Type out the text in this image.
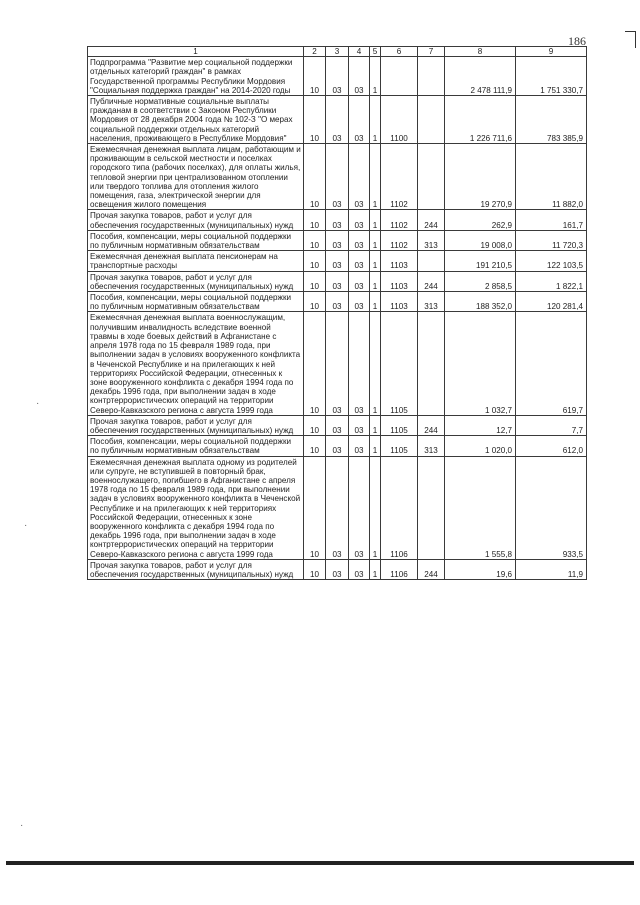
186
·
·
·
1	2	3	4	5	6	7	8	9
Подпрограмма "Развитие мер социальной поддержки отдельных категорий граждан" в рамках Государственной программы Республики Мордовия "Социальная поддержка граждан" на 2014-2020 годы	10	03	03	1			2 478 111,9	1 751 330,7
Публичные нормативные социальные выплаты гражданам в соответствии с Законом Республики Мордовия от 28 декабря 2004 года № 102-З "О мерах социальной поддержки отдельных категорий населения, проживающего в Республике Мордовия"	10	03	03	1	1100		1 226 711,6	783 385,9
Ежемесячная денежная выплата лицам, работающим и проживающим в сельской местности и поселках городского типа (рабочих поселках), для оплаты жилья, тепловой энергии при централизованном отоплении или твердого топлива для отопления жилого помещения, газа, электрической энергии для освещения жилого помещения	10	03	03	1	1102		19 270,9	11 882,0
Прочая закупка товаров, работ и услуг для обеспечения государственных (муниципальных) нужд	10	03	03	1	1102	244	262,9	161,7
Пособия, компенсации, меры социальной поддержки по публичным нормативным обязательствам	10	03	03	1	1102	313	19 008,0	11 720,3
Ежемесячная денежная выплата пенсионерам на транспортные расходы	10	03	03	1	1103		191 210,5	122 103,5
Прочая закупка товаров, работ и услуг для обеспечения государственных (муниципальных) нужд	10	03	03	1	1103	244	2 858,5	1 822,1
Пособия, компенсации, меры социальной поддержки по публичным нормативным обязательствам	10	03	03	1	1103	313	188 352,0	120 281,4
Ежемесячная денежная выплата военнослужащим, получившим инвалидность вследствие военной травмы в ходе боевых действий в Афганистане с апреля 1978 года по 15 февраля 1989 года, при выполнении задач в условиях вооруженного конфликта в Чеченской Республике и на прилегающих к ней территориях Российской Федерации, отнесенных к зоне вооруженного конфликта с декабря 1994 года по декабрь 1996 года, при выполнении задач в ходе контртеррористических операций на территории Северо-Кавказского региона с августа 1999 года	10	03	03	1	1105		1 032,7	619,7
Прочая закупка товаров, работ и услуг для обеспечения государственных (муниципальных) нужд	10	03	03	1	1105	244	12,7	7,7
Пособия, компенсации, меры социальной поддержки по публичным нормативным обязательствам	10	03	03	1	1105	313	1 020,0	612,0
Ежемесячная денежная выплата одному из родителей или супруге, не вступившей в повторный брак, военнослужащего, погибшего в Афганистане с апреля 1978 года по 15 февраля 1989 года, при выполнении задач в условиях вооруженного конфликта в Чеченской Республике и на прилегающих к ней территориях Российской Федерации, отнесенных к зоне вооруженного конфликта с декабря 1994 года по декабрь 1996 года, при выполнении задач в ходе контртеррористических операций на территории Северо-Кавказского региона с августа 1999 года	10	03	03	1	1106		1 555,8	933,5
Прочая закупка товаров, работ и услуг для обеспечения государственных (муниципальных) нужд	10	03	03	1	1106	244	19,6	11,9
